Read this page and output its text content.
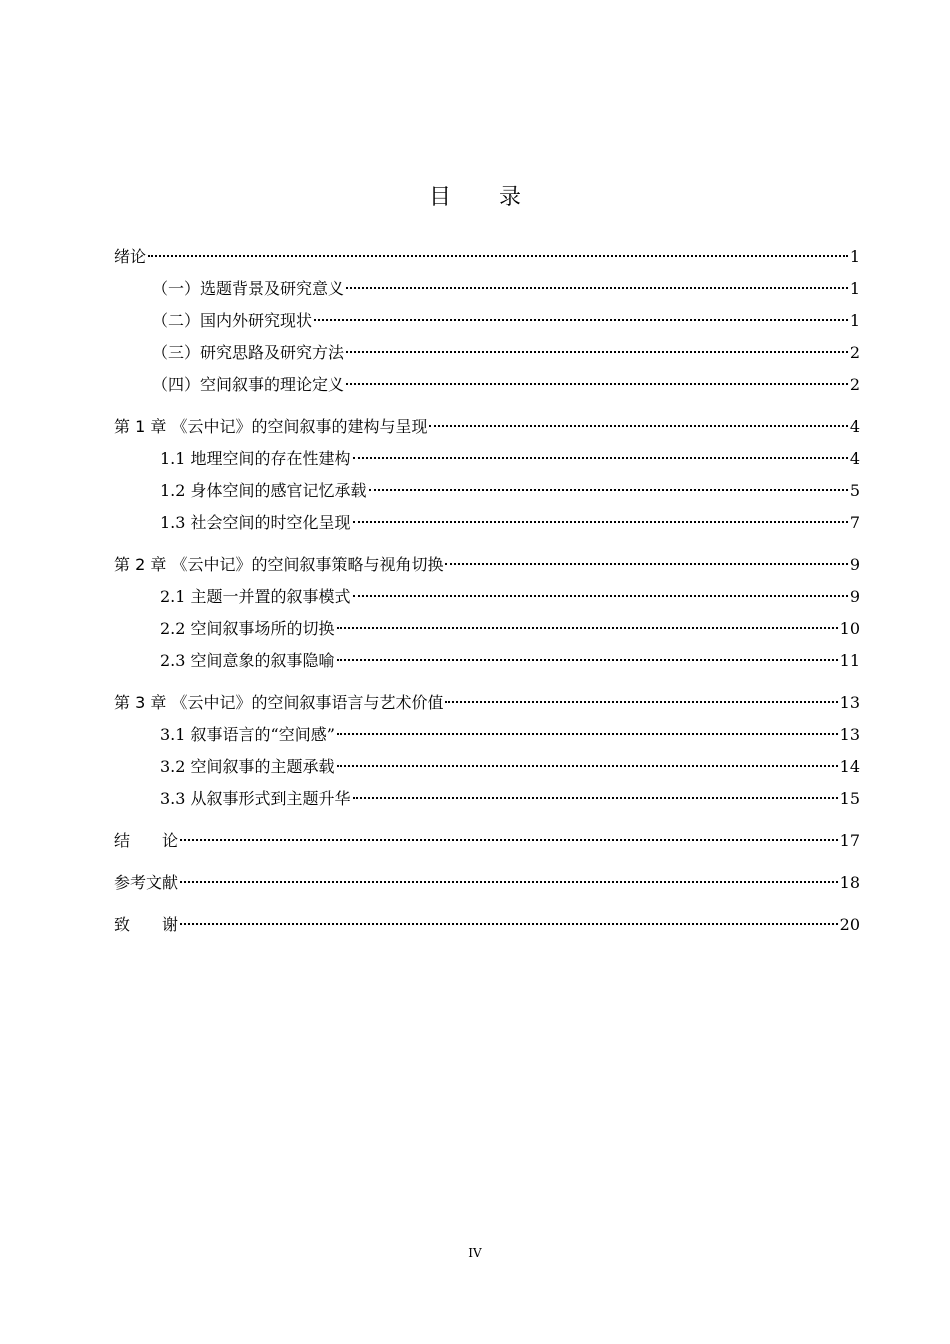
目 录
绪论	1
（一）选题背景及研究意义	1
（二）国内外研究现状	1
（三）研究思路及研究方法	2
（四）空间叙事的理论定义	2
第 1 章 《云中记》的空间叙事的建构与呈现	4
1.1 地理空间的存在性建构	4
1.2 身体空间的感官记忆承载	5
1.3 社会空间的时空化呈现	7
第 2 章 《云中记》的空间叙事策略与视角切换	9
2.1 主题一并置的叙事模式	9
2.2 空间叙事场所的切换	10
2.3 空间意象的叙事隐喻	11
第 3 章 《云中记》的空间叙事语言与艺术价值	13
3.1 叙事语言的“空间感”	13
3.2 空间叙事的主题承载	14
3.3 从叙事形式到主题升华	15
结　　论	17
参考文献	18
致　　谢	20
IV
